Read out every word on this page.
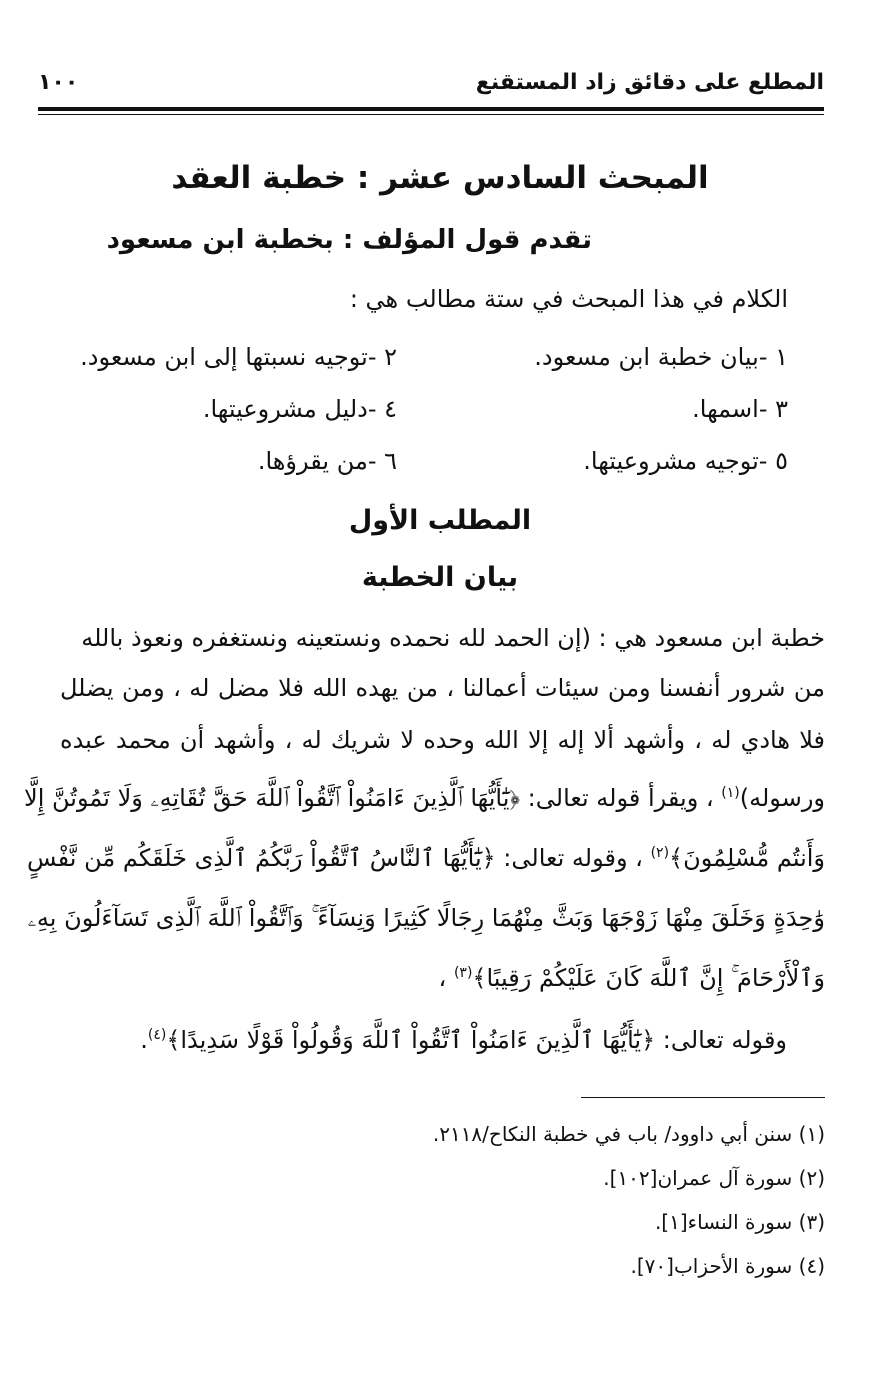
المطلع على دقائق زاد المستقنع
١٠٠
المبحث السادس عشر : خطبة العقد
تقدم قول المؤلف : بخطبة ابن مسعود
الكلام في هذا المبحث في ستة مطالب هي :
١ -بيان خطبة ابن مسعود.
٢ -توجيه نسبتها إلى ابن مسعود.
٣ -اسمها.
٤ -دليل مشروعيتها.
٥ -توجيه مشروعيتها.
٦ -من يقرؤها.
المطلب الأول
بيان الخطبة
خطبة ابن مسعود هي : (إن الحمد لله نحمده ونستعينه ونستغفره ونعوذ بالله
من شرور أنفسنا ومن سيئات أعمالنا ، من يهده الله فلا مضل له ، ومن يضلل
فلا هادي له ، وأشهد ألا إله إلا الله وحده لا شريك له ، وأشهد أن محمد عبده
ورسوله)$^{(١)}$ ، ويقرأ قوله تعالى: ﴿يَٰٓأَيُّهَا ٱلَّذِينَ ءَامَنُواْ ٱتَّقُواْ ٱللَّهَ حَقَّ تُقَاتِهِۦ وَلَا تَمُوتُنَّ إِلَّا
وَأَنتُم مُّسْلِمُونَ﴾$^{(٢)}$ ، وقوله تعالى: ﴿يَٰٓأَيُّهَا ٱلنَّاسُ ٱتَّقُواْ رَبَّكُمُ ٱلَّذِى خَلَقَكُم مِّن نَّفْسٍ
وَٰحِدَةٍ وَخَلَقَ مِنْهَا زَوْجَهَا وَبَثَّ مِنْهُمَا رِجَالًا كَثِيرًا وَنِسَآءً ۚ وَٱتَّقُواْ ٱللَّهَ ٱلَّذِى تَسَآءَلُونَ بِهِۦ
وَٱلْأَرْحَامَ ۚ إِنَّ ٱللَّهَ كَانَ عَلَيْكُمْ رَقِيبًا﴾$^{(٣)}$ ،
وقوله تعالى: ﴿يَٰٓأَيُّهَا ٱلَّذِينَ ءَامَنُواْ ٱتَّقُواْ ٱللَّهَ وَقُولُواْ قَوْلًا سَدِيدًا﴾$^{(٤)}$.
(١) سنن أبي داوود/ باب في خطبة النكاح/٢١١٨.
(٢) سورة آل عمران[١٠٢].
(٣) سورة النساء[١].
(٤) سورة الأحزاب[٧٠].
